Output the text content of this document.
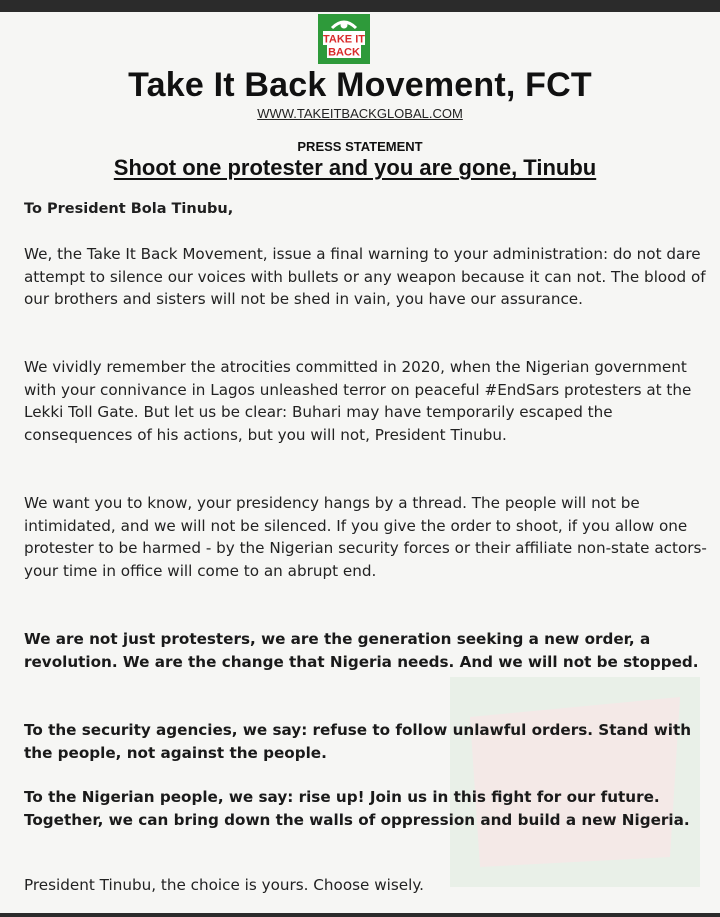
TAKE IT
BACK
Take It Back Movement, FCT
WWW.TAKEITBACKGLOBAL.COM
PRESS STATEMENT
Shoot one protester and you are gone, Tinubu
To President Bola Tinubu,

We, the Take It Back Movement, issue a final warning to your administration: do not dare attempt to silence our voices with bullets or any weapon because it can not. The blood of our brothers and sisters will not be shed in vain, you have our assurance.

We vividly remember the atrocities committed in 2020, when the Nigerian government with your connivance in Lagos unleashed terror on peaceful #EndSars protesters at the Lekki Toll Gate. But let us be clear: Buhari may have temporarily escaped the consequences of his actions, but you will not, President Tinubu.

We want you to know, your presidency hangs by a thread. The people will not be intimidated, and we will not be silenced. If you give the order to shoot, if you allow one protester to be harmed - by the Nigerian security forces or their affiliate non-state actors- your time in office will come to an abrupt end.

We are not just protesters, we are the generation seeking a new order, a revolution. We are the change that Nigeria needs. And we will not be stopped.

To the security agencies, we say: refuse to follow unlawful orders. Stand with the people, not against the people.

To the Nigerian people, we say: rise up! Join us in this fight for our future. Together, we can bring down the walls of oppression and build a new Nigeria.

President Tinubu, the choice is yours. Choose wisely.
